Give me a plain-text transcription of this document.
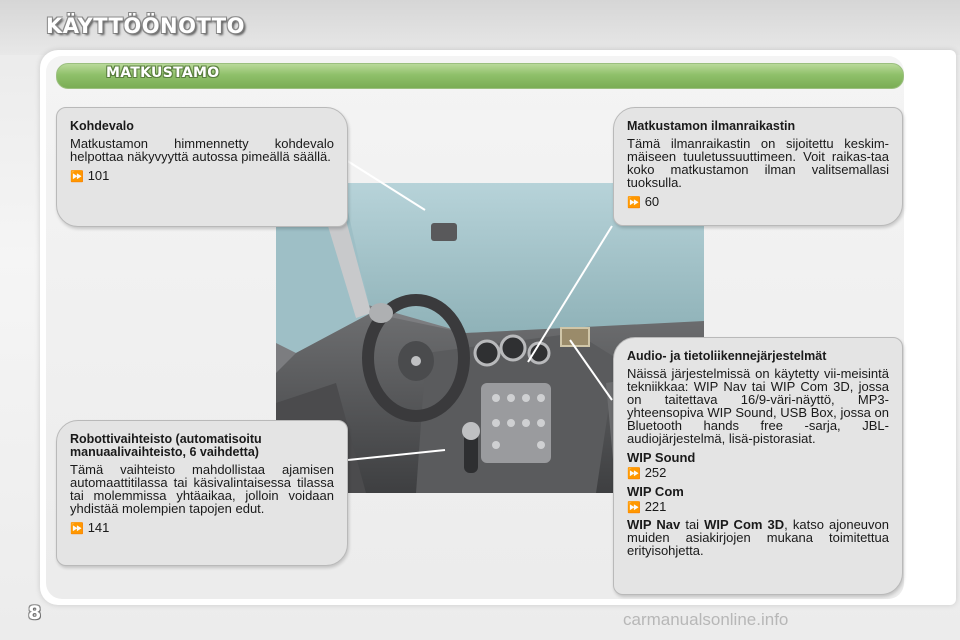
KÄYTTÖÖNOTTO
MATKUSTAMO
Kohdevalo
Matkustamon himmennetty kohdevalo helpottaa näkyvyyttä autossa pimeällä säällä.
⏩ 101
Matkustamon ilmanraikastin
Tämä ilmanraikastin on sijoitettu keskim-mäiseen tuuletussuuttimeen. Voit raikas-taa koko matkustamon ilman valitsemallasi tuoksulla.
⏩ 60
Audio- ja tietoliikennejärjestelmät
Näissä järjestelmissä on käytetty vii-meisintä tekniikkaa: WIP Nav tai WIP Com 3D, jossa on taitettava 16/9-väri-näyttö, MP3-yhteensopiva WIP Sound, USB Box, jossa on Bluetooth hands free -sarja, JBL-audiojärjestelmä, lisä-pistorasiat.
WIP Sound
⏩ 252
WIP Com
⏩ 221
WIP Nav tai WIP Com 3D, katso ajoneuvon muiden asiakirjojen mukana toimitettua erityisohjetta.
Robottivaihteisto (automatisoitu manuaalivaihteisto, 6 vaihdetta)
Tämä vaihteisto mahdollistaa ajamisen automaattitilassa tai käsivalintaisessa tilassa tai molemmissa yhtäaikaa, jolloin voidaan yhdistää molempien tapojen edut.
⏩ 141
8	carmanualsonline.info
